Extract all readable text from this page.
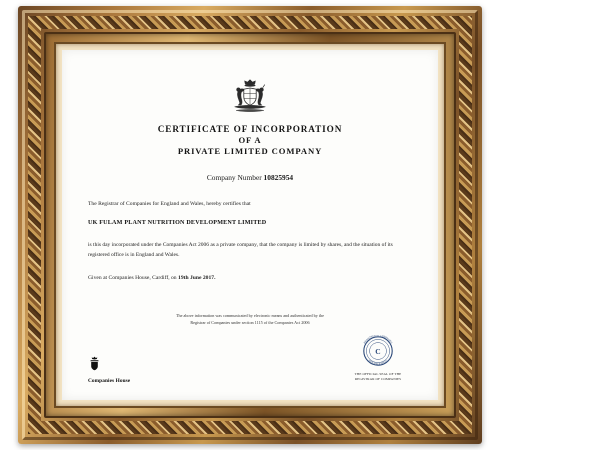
CERTIFICATE OF INCORPORATION
OF A
PRIVATE LIMITED COMPANY
Company Number 10825954
The Registrar of Companies for England and Wales, hereby certifies that
UK FULAM PLANT NUTRITION DEVELOPMENT LIMITED
is this day incorporated under the Companies Act 2006 as a private company, that the company is limited by shares, and the situation of its registered office is in England and Wales.
Given at Companies House, Cardiff, on 19th June 2017.
The above information was communicated by electronic means and authenticated by the
Registrar of Companies under section 1115 of the Companies Act 2006
Companies House
C
REGISTRAR OF COMPANIES
ENGLAND & WALES
THE OFFICIAL SEAL OF THE
REGISTRAR OF COMPANIES
